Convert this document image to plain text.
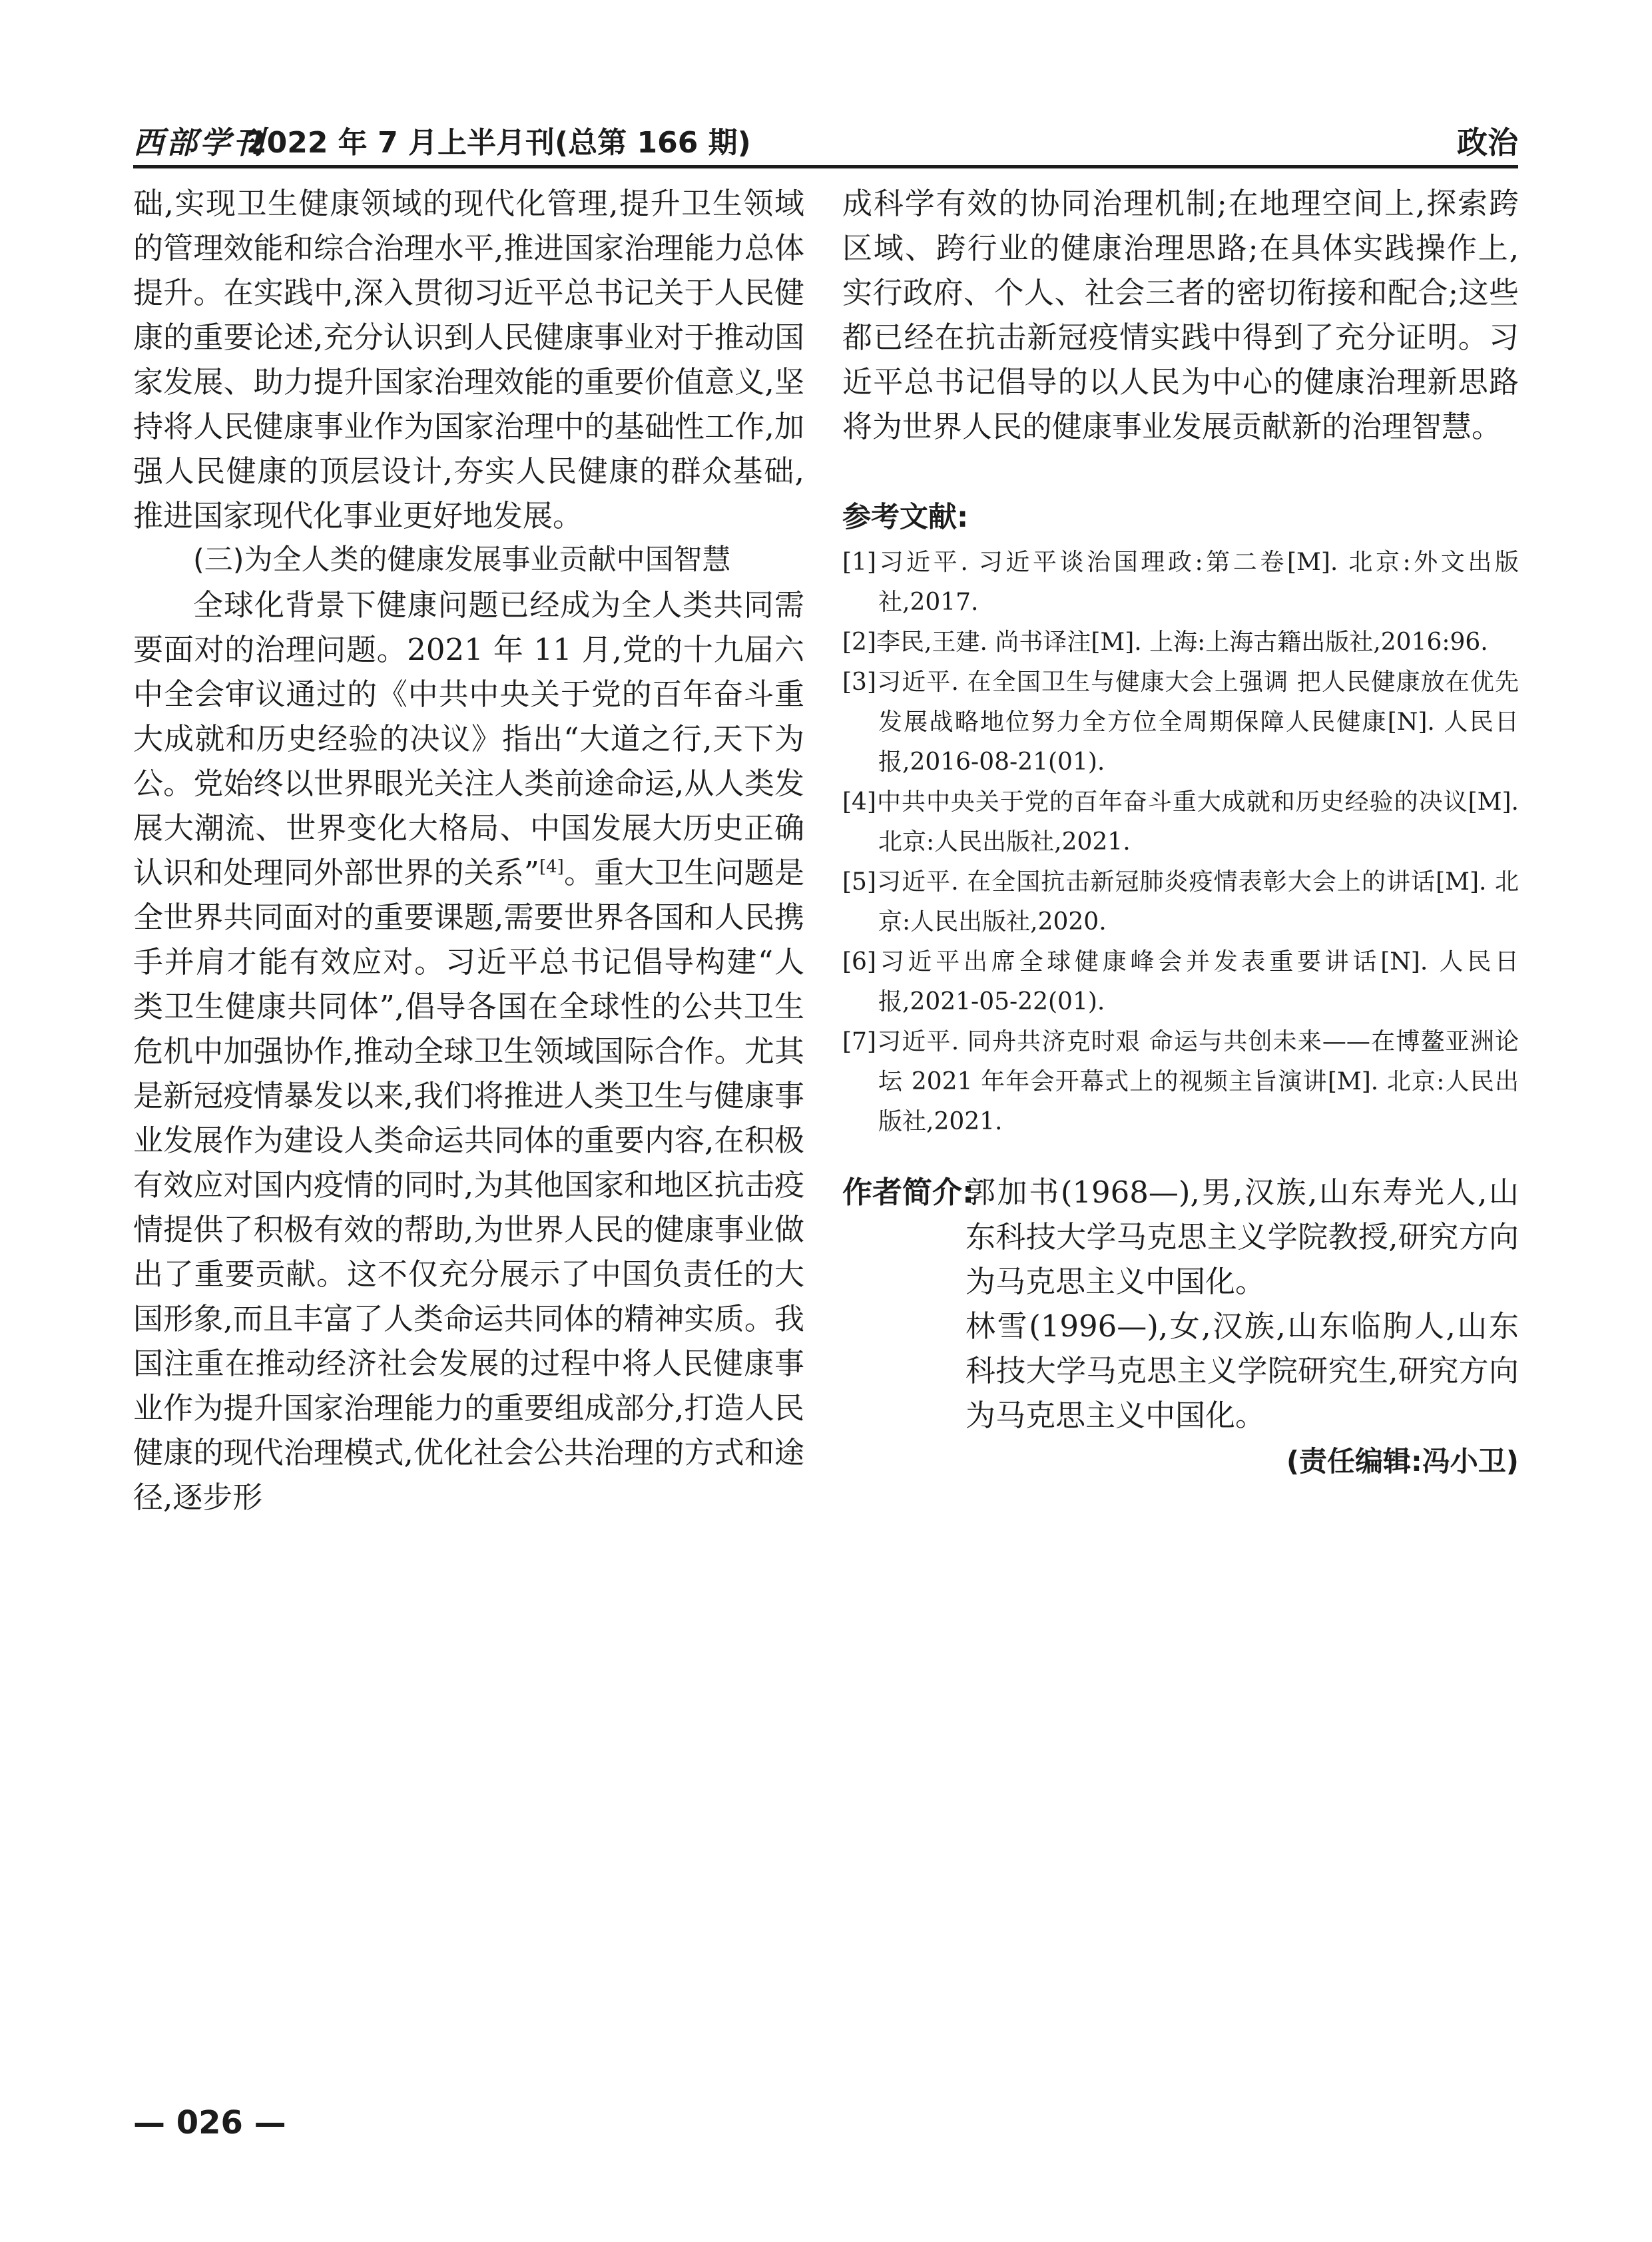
西部学刊
2022 年 7 月上半月刊(总第 166 期)	政治

础,实现卫生健康领域的现代化管理,提升卫生领域的管理效能和综合治理水平,推进国家治理能力总体提升。在实践中,深入贯彻习近平总书记关于人民健康的重要论述,充分认识到人民健康事业对于推动国家发展、助力提升国家治理效能的重要价值意义,坚持将人民健康事业作为国家治理中的基础性工作,加强人民健康的顶层设计,夯实人民健康的群众基础,推进国家现代化事业更好地发展。

(三)为全人类的健康发展事业贡献中国智慧

全球化背景下健康问题已经成为全人类共同需要面对的治理问题。2021 年 11 月,党的十九届六中全会审议通过的《中共中央关于党的百年奋斗重大成就和历史经验的决议》指出“大道之行,天下为公。党始终以世界眼光关注人类前途命运,从人类发展大潮流、世界变化大格局、中国发展大历史正确认识和处理同外部世界的关系”[4]。重大卫生问题是全世界共同面对的重要课题,需要世界各国和人民携手并肩才能有效应对。习近平总书记倡导构建“人类卫生健康共同体”,倡导各国在全球性的公共卫生危机中加强协作,推动全球卫生领域国际合作。尤其是新冠疫情暴发以来,我们将推进人类卫生与健康事业发展作为建设人类命运共同体的重要内容,在积极有效应对国内疫情的同时,为其他国家和地区抗击疫情提供了积极有效的帮助,为世界人民的健康事业做出了重要贡献。这不仅充分展示了中国负责任的大国形象,而且丰富了人类命运共同体的精神实质。我国注重在推动经济社会发展的过程中将人民健康事业作为提升国家治理能力的重要组成部分,打造人民健康的现代治理模式,优化社会公共治理的方式和途径,逐步形

成科学有效的协同治理机制;在地理空间上,探索跨区域、跨行业的健康治理思路;在具体实践操作上,实行政府、个人、社会三者的密切衔接和配合;这些都已经在抗击新冠疫情实践中得到了充分证明。习近平总书记倡导的以人民为中心的健康治理新思路将为世界人民的健康事业发展贡献新的治理智慧。

参考文献:
[1]习近平. 习近平谈治国理政:第二卷[M]. 北京:外文出版社,2017.
[2]李民,王建. 尚书译注[M]. 上海:上海古籍出版社,2016:96.
[3]习近平. 在全国卫生与健康大会上强调 把人民健康放在优先发展战略地位努力全方位全周期保障人民健康[N]. 人民日报,2016-08-21(01).
[4]中共中央关于党的百年奋斗重大成就和历史经验的决议[M]. 北京:人民出版社,2021.
[5]习近平. 在全国抗击新冠肺炎疫情表彰大会上的讲话[M]. 北京:人民出版社,2020.
[6]习近平出席全球健康峰会并发表重要讲话[N]. 人民日报,2021-05-22(01).
[7]习近平. 同舟共济克时艰 命运与共创未来——在博鳌亚洲论坛 2021 年年会开幕式上的视频主旨演讲[M]. 北京:人民出版社,2021.
作者简介:
郭加书(1968—),男,汉族,山东寿光人,山东科技大学马克思主义学院教授,研究方向为马克思主义中国化。
林雪(1996—),女,汉族,山东临朐人,山东科技大学马克思主义学院研究生,研究方向为马克思主义中国化。
(责任编辑:冯小卫)
— 026 —
